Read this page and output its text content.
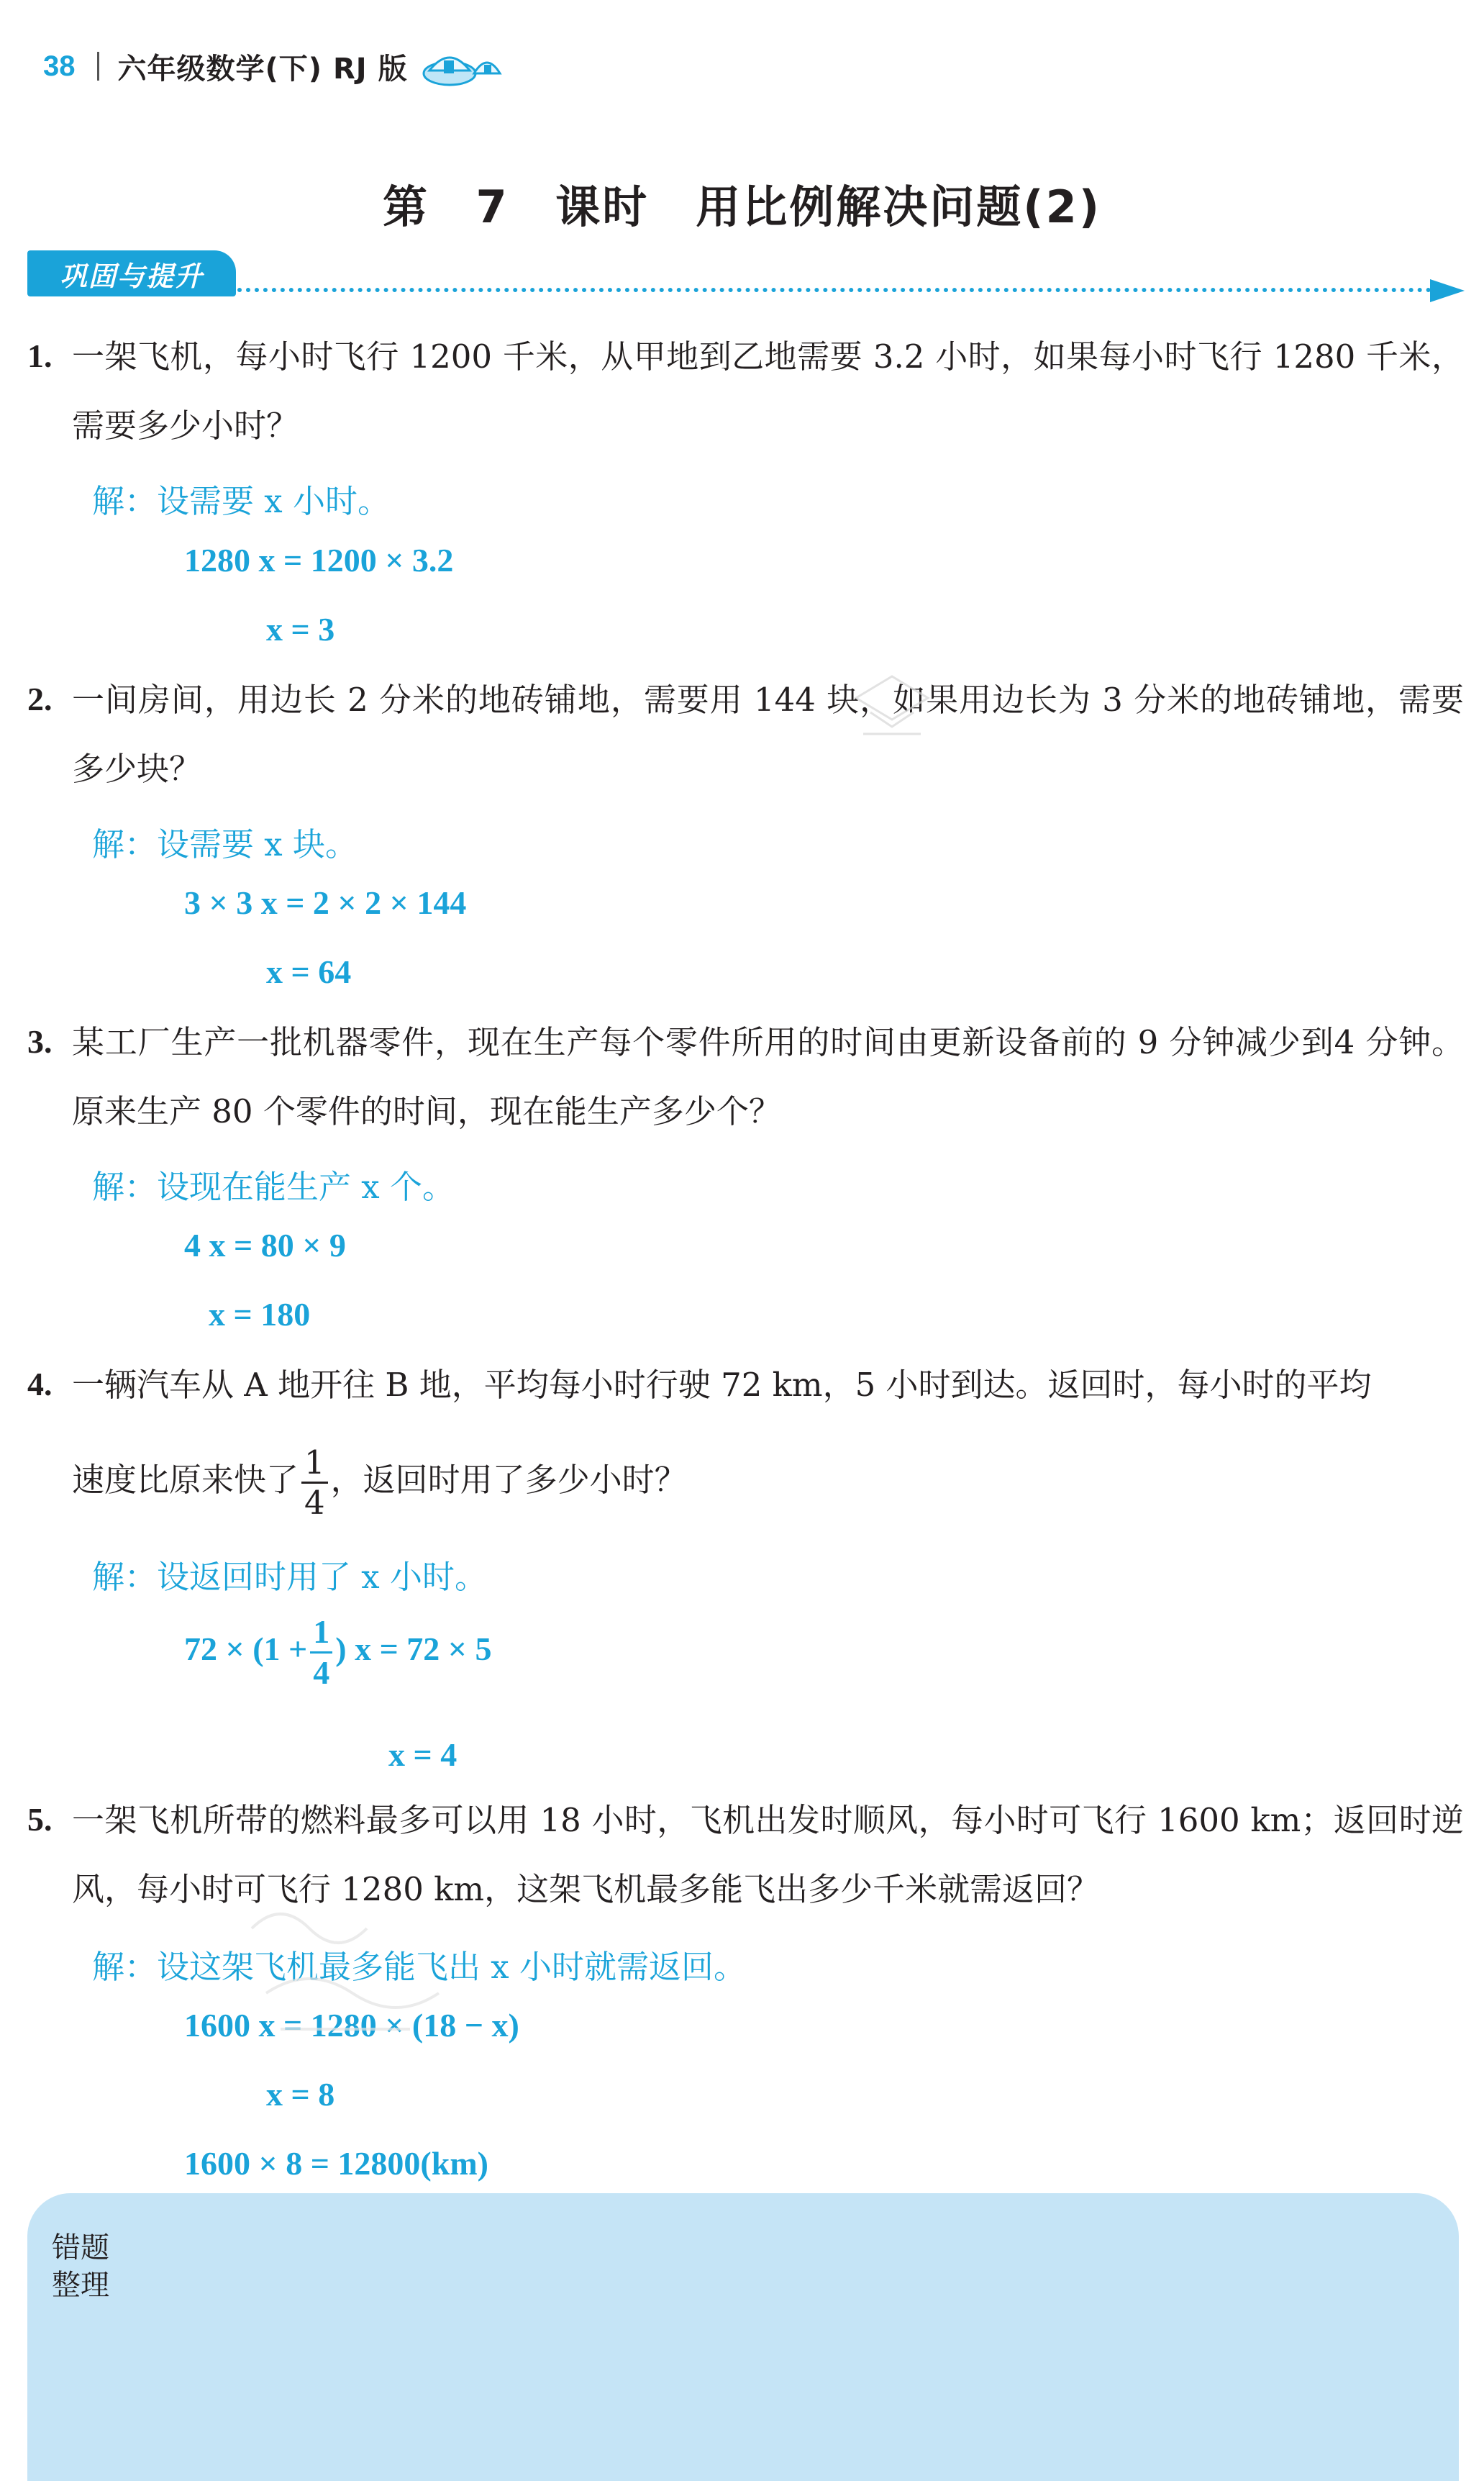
38 六年级数学(下) RJ 版
第 7 课时　用比例解决问题(2)
巩固与提升
1. 一架飞机，每小时飞行 1200 千米，从甲地到乙地需要 3.2 小时，如果每小时飞行 1280 千米，需要多少小时？
解：设需要 x 小时。
1280 x = 1200 × 3.2
x = 3
2. 一间房间，用边长 2 分米的地砖铺地，需要用 144 块，如果用边长为 3 分米的地砖铺地，需要多少块？
解：设需要 x 块。
3 × 3 x = 2 × 2 × 144
x = 64
3. 某工厂生产一批机器零件，现在生产每个零件所用的时间由更新设备前的 9 分钟减少到4 分钟。原来生产 80 个零件的时间，现在能生产多少个？
解：设现在能生产 x 个。
4 x = 80 × 9
x = 180
4. 一辆汽车从 A 地开往 B 地，平均每小时行驶 72 km，5 小时到达。返回时，每小时的平均
速度比原来快了 $\frac{1}{4}$ ，返回时用了多少小时？
解：设返回时用了 x 小时。
$72 \times (1 + \frac{1}{4}$ ) x = 72 × 5
x = 4
5. 一架飞机所带的燃料最多可以用 18 小时，飞机出发时顺风，每小时可飞行 1600 km；返回时逆风，每小时可飞行 1280 km，这架飞机最多能飞出多少千米就需返回？
解：设这架飞机最多能飞出 x 小时就需返回。
1600 x = 1280 × (18 − x)
x = 8
1600 × 8 = 12800(km)
错题
整理
